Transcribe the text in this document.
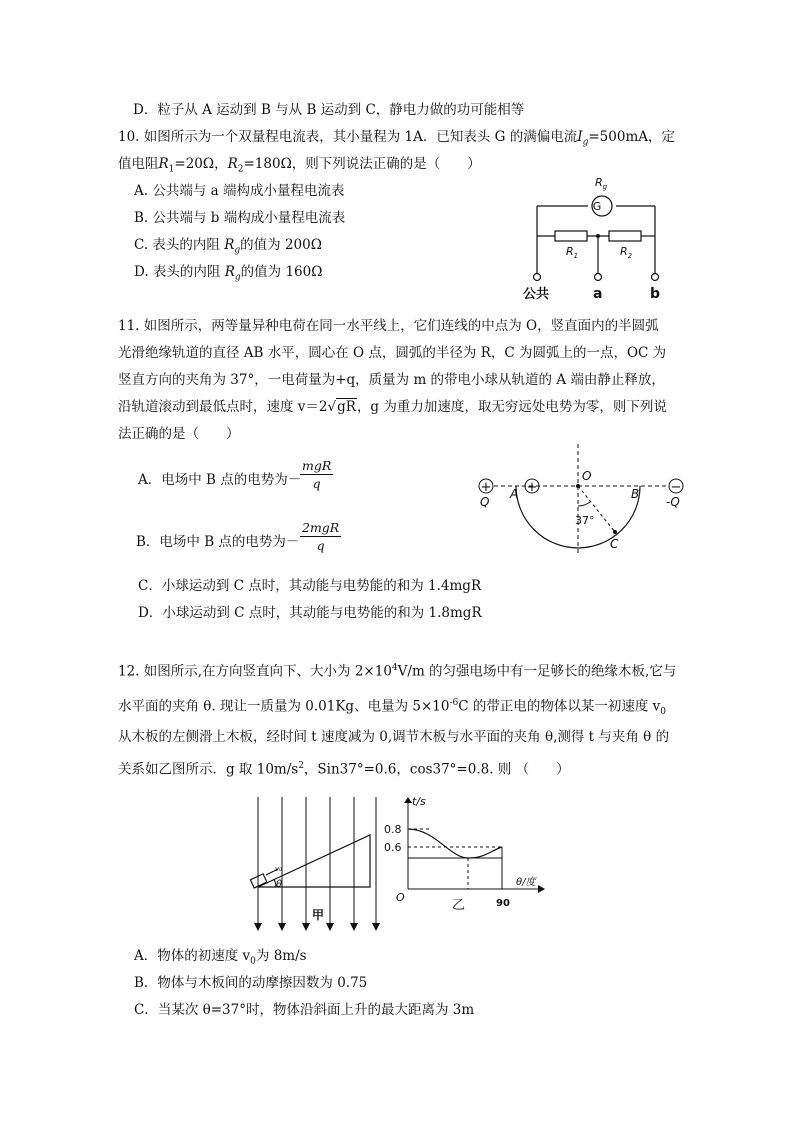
D．粒子从 A 运动到 B 与从 B 运动到 C，静电力做的功可能相等
10. 如图所示为一个双量程电流表，其小量程为 1A．已知表头 G 的满偏电流$I_g=500mA$，定
值电阻$R_1=20\Omega$，$R_2=180\Omega$，则下列说法正确的是（　　）
A. 公共端与 a 端构成小量程电流表
B. 公共端与 b 端构成小量程电流表
C. 表头的内阻 $R_g$的值为 200Ω
D. 表头的内阻 $R_g$的值为 160Ω
G
$R_g$
$R_1$	$R_2$
公共	a	b
11. 如图所示，两等量异种电荷在同一水平线上，它们连线的中点为 O，竖直面内的半圆弧
光滑绝缘轨道的直径 AB 水平，圆心在 O 点，圆弧的半径为 R，C 为圆弧上的一点，OC 为
竖直方向的夹角为 37°，一电荷量为+q，质量为 m 的带电小球从轨道的 A 端由静止释放，
沿轨道滚动到最低点时，速度 v＝2√gR，g 为重力加速度，取无穷远处电势为零，则下列说
法正确的是（　　）
A．电场中 B 点的电势为－
mgR
q
B．电场中 B 点的电势为－
2mgR
q
C．小球运动到 C 点时，其动能与电势能的和为 1.4mgR
D．小球运动到 C 点时，其动能与电势能的和为 1.8mgR
+	+	−
Q	-Q
A	B
O
C
37°
12. 如图所示,在方向竖直向下、大小为 $2\times 10^4V/m$ 的匀强电场中有一足够长的绝缘木板,它与
水平面的夹角 θ. 现让一质量为 0.01Kg、电量为 $5\times 10^{-6}C$ 的带正电的物体以某一初速度 $v_0$
从木板的左侧滑上木板，经时间 t 速度减为 0,调节木板与水平面的夹角 θ,测得 t 与夹角 θ 的
关系如乙图所示．g 取 $10m/s^2$，Sin37°=0.6，cos37°=0.8. 则 （　　）
v₀
θ
甲
t/s
0.8
0.6
O
θ/度
90
乙
A．物体的初速度 $v_0$为 8m/s
B．物体与木板间的动摩擦因数为 0.75
C．当某次 θ=37°时，物体沿斜面上升的最大距离为 3m
